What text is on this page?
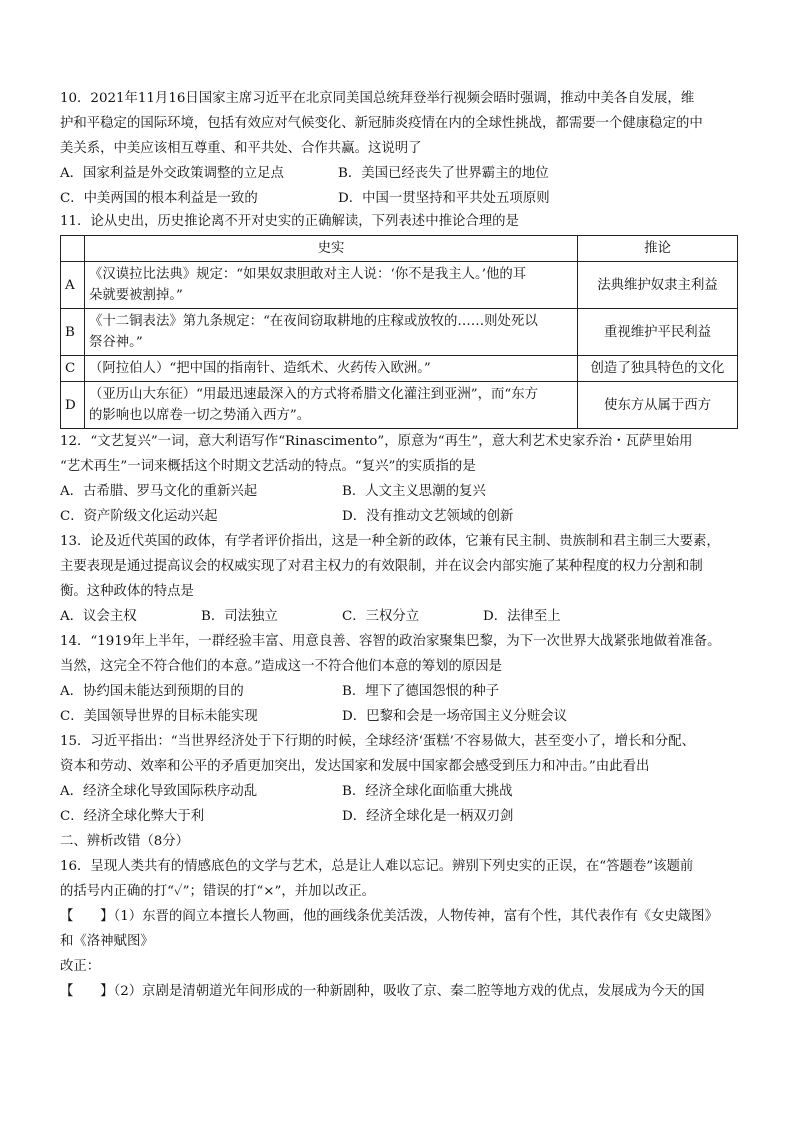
10．2021年11月16日国家主席习近平在北京同美国总统拜登举行视频会晤时强调，推动中美各自发展，维
护和平稳定的国际环境，包括有效应对气候变化、新冠肺炎疫情在内的全球性挑战，都需要一个健康稳定的中
美关系，中美应该相互尊重、和平共处、合作共赢。这说明了
A．国家利益是外交政策调整的立足点	B．美国已经丧失了世界霸主的地位
C．中美两国的根本利益是一致的	D．中国一贯坚持和平共处五项原则
11．论从史出，历史推论离不开对史实的正确解读，下列表述中推论合理的是
	史实	推论
A	《汉谟拉比法典》规定：“如果奴隶胆敢对主人说：‘你不是我主人。’他的耳
朵就要被割掉。”	法典维护奴隶主利益
B	《十二铜表法》第九条规定：“在夜间窃取耕地的庄稼或放牧的……则处死以
祭谷神。”	重视维护平民利益
C	（阿拉伯人）“把中国的指南针、造纸术、火药传入欧洲。”	创造了独具特色的文化
D	（亚历山大东征）“用最迅速最深入的方式将希腊文化灌注到亚洲”，而“东方
的影响也以席卷一切之势涌入西方”。	使东方从属于西方
12．“文艺复兴”一词，意大利语写作“Rinascimento”，原意为“再生”，意大利艺术史家乔治・瓦萨里始用
“艺术再生”一词来概括这个时期文艺活动的特点。“复兴”的实质指的是
A．古希腊、罗马文化的重新兴起	B．人文主义思潮的复兴
C．资产阶级文化运动兴起	D．没有推动文艺领域的创新
13．论及近代英国的政体，有学者评价指出，这是一种全新的政体，它兼有民主制、贵族制和君主制三大要素，
主要表现是通过提高议会的权威实现了对君主权力的有效限制，并在议会内部实施了某种程度的权力分割和制
衡。这种政体的特点是
A．议会主权	B．司法独立	C．三权分立	D．法律至上
14．“1919年上半年，一群经验丰富、用意良善、容智的政治家聚集巴黎，为下一次世界大战紧张地做着准备。
当然，这完全不符合他们的本意。”造成这一不符合他们本意的筹划的原因是
A．协约国未能达到预期的目的	B．埋下了德国怨恨的种子
C．美国领导世界的目标未能实现	D．巴黎和会是一场帝国主义分赃会议
15．习近平指出：“当世界经济处于下行期的时候，全球经济‘蛋糕’不容易做大，甚至变小了，增长和分配、
资本和劳动、效率和公平的矛盾更加突出，发达国家和发展中国家都会感受到压力和冲击。”由此看出
A．经济全球化导致国际秩序动乱	B．经济全球化面临重大挑战
C．经济全球化弊大于利	D．经济全球化是一柄双刃剑
二、辨析改错（8分）
16．呈现人类共有的情感底色的文学与艺术，总是让人难以忘记。辨别下列史实的正误，在“答题卷”该题前
的括号内正确的打“✓”；错误的打“×”，并加以改正。
【　　】（1）东晋的阎立本擅长人物画，他的画线条优美活泼，人物传神，富有个性，其代表作有《女史箴图》
和《洛神赋图》
改正：
【　　】（2）京剧是清朝道光年间形成的一种新剧种，吸收了京、秦二腔等地方戏的优点，发展成为今天的国
